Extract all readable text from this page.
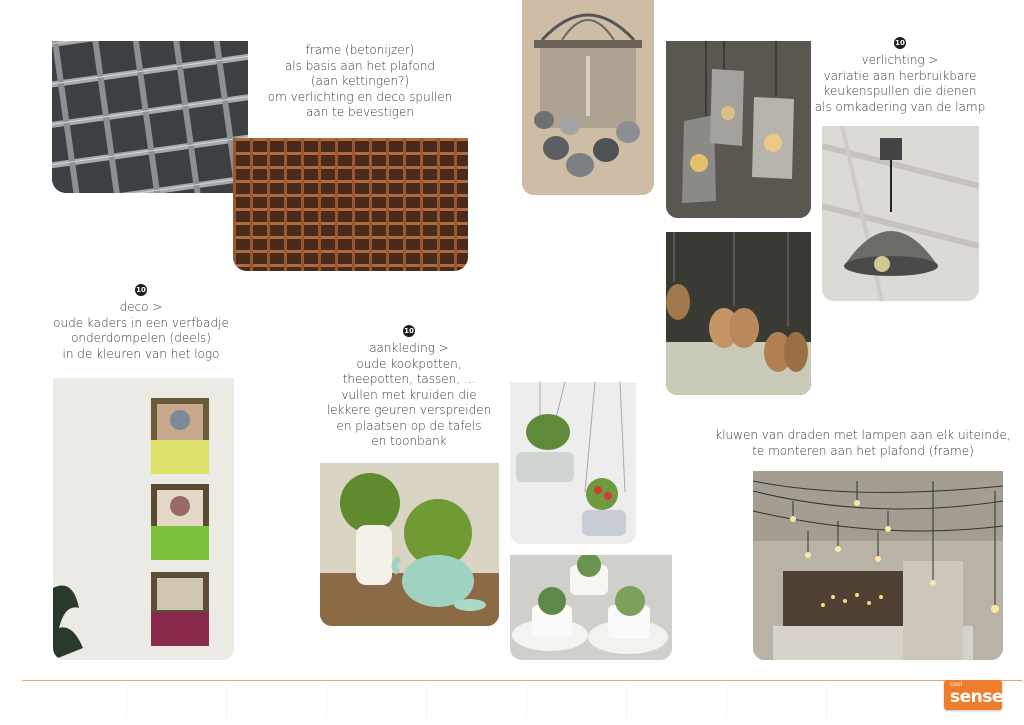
frame (betonijzer)
als basis aan het plafond
(aan kettingen?)
om verlichting en deco spullen
aan te bevestigen
10
verlichting >
variatie aan herbruikbare
keukenspullen die dienen
als omkadering van de lamp
10
deco >
oude kaders in een verfbadje
onderdompelen (deels)
in de kleuren van het logo
10
aankleding >
oude kookpotten,
theepotten, tassen, ...
vullen met kruiden die
lekkere geuren verspreiden
en plaatsen op de tafels
en toonbank	kluwen van draden met lampen aan elk uiteinde,
te monteren aan het plafond (frame)
cool
sense
